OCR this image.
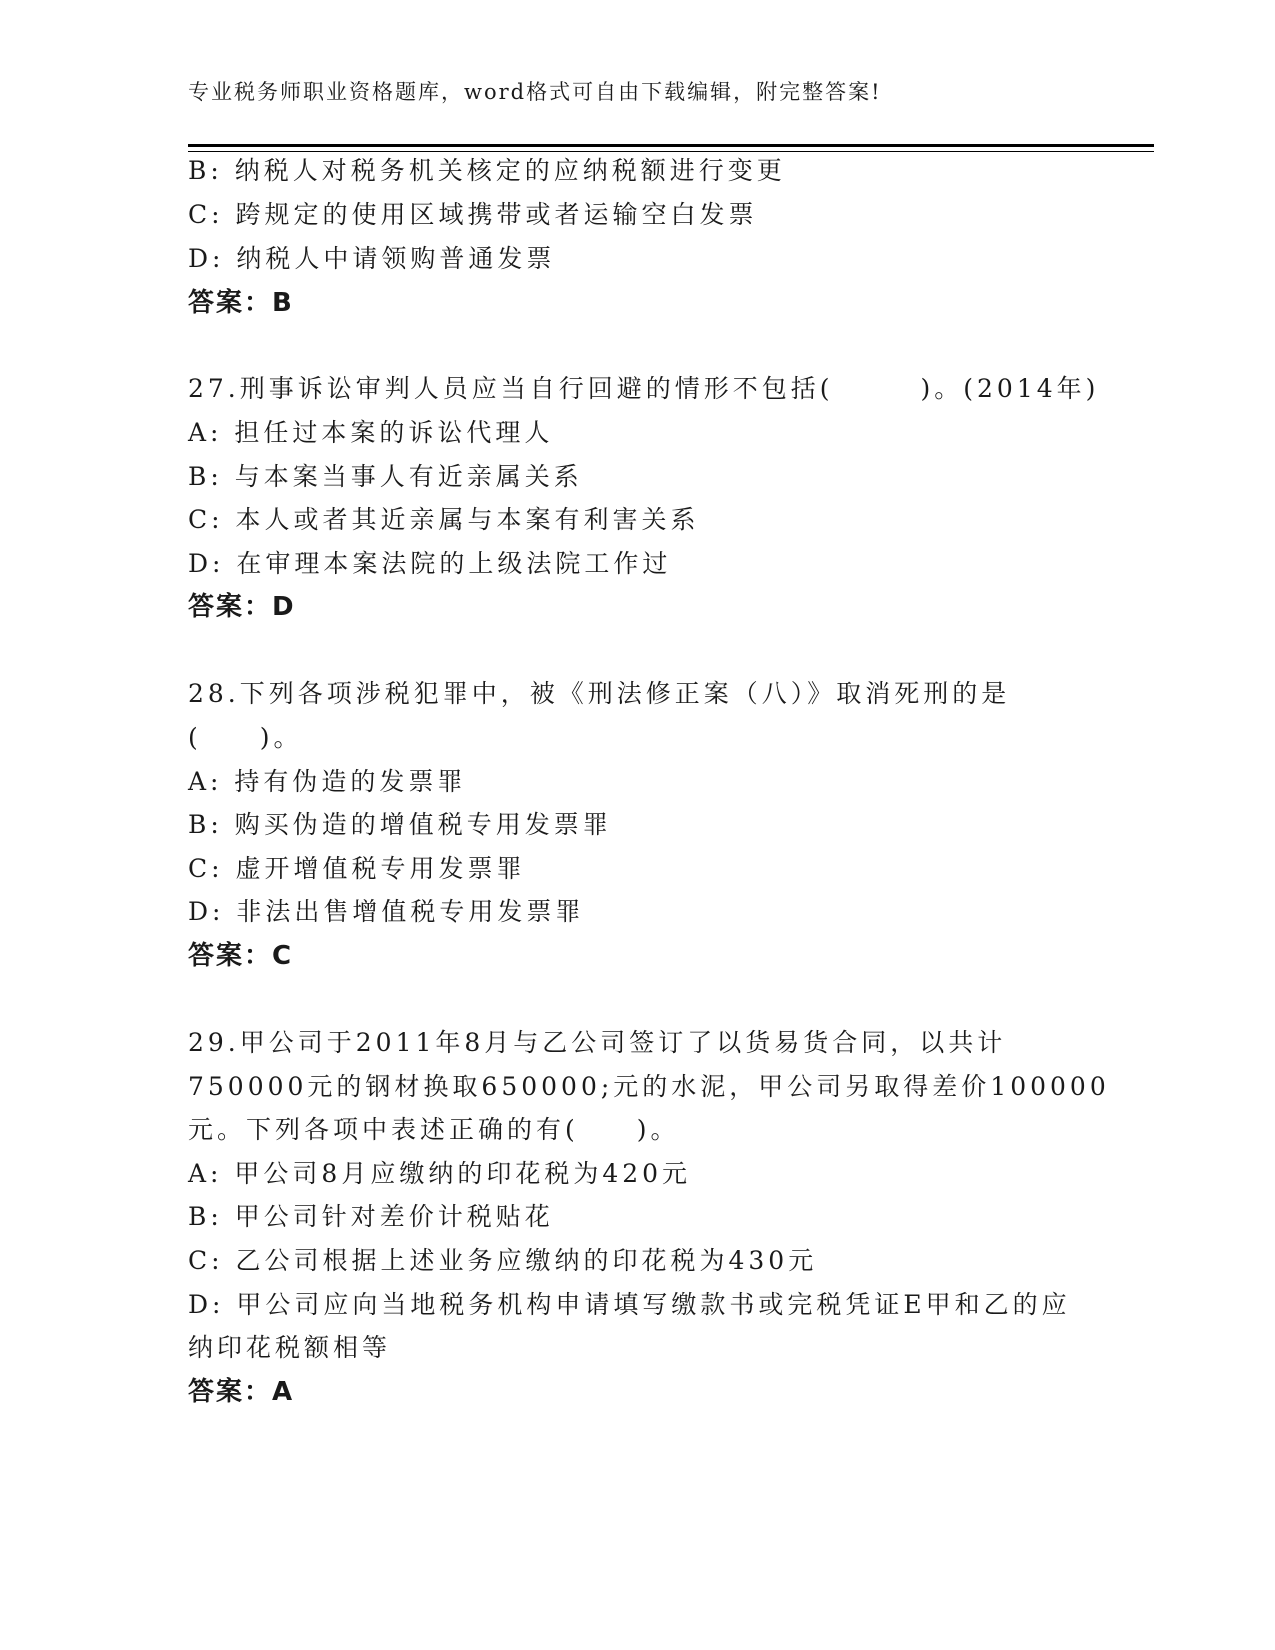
专业税务师职业资格题库，word格式可自由下载编辑，附完整答案!
B: 纳税人对税务机关核定的应纳税额进行变更
C: 跨规定的使用区域携带或者运输空白发票
D: 纳税人中请领购普通发票
答案：B
27.刑事诉讼审判人员应当自行回避的情形不包括(　　　)。(2014年)
A: 担任过本案的诉讼代理人
B: 与本案当事人有近亲属关系
C: 本人或者其近亲属与本案有利害关系
D: 在审理本案法院的上级法院工作过
答案：D
28.下列各项涉税犯罪中，被《刑法修正案（八）》取消死刑的是
(　　)。
A: 持有伪造的发票罪
B: 购买伪造的增值税专用发票罪
C: 虚开增值税专用发票罪
D: 非法出售增值税专用发票罪
答案：C
29.甲公司于2011年8月与乙公司签订了以货易货合同，以共计
750000元的钢材换取650000;元的水泥，甲公司另取得差价100000
元。下列各项中表述正确的有(　　)。
A: 甲公司8月应缴纳的印花税为420元
B: 甲公司针对差价计税贴花
C: 乙公司根据上述业务应缴纳的印花税为430元
D: 甲公司应向当地税务机构申请填写缴款书或完税凭证E甲和乙的应
纳印花税额相等
答案：A
